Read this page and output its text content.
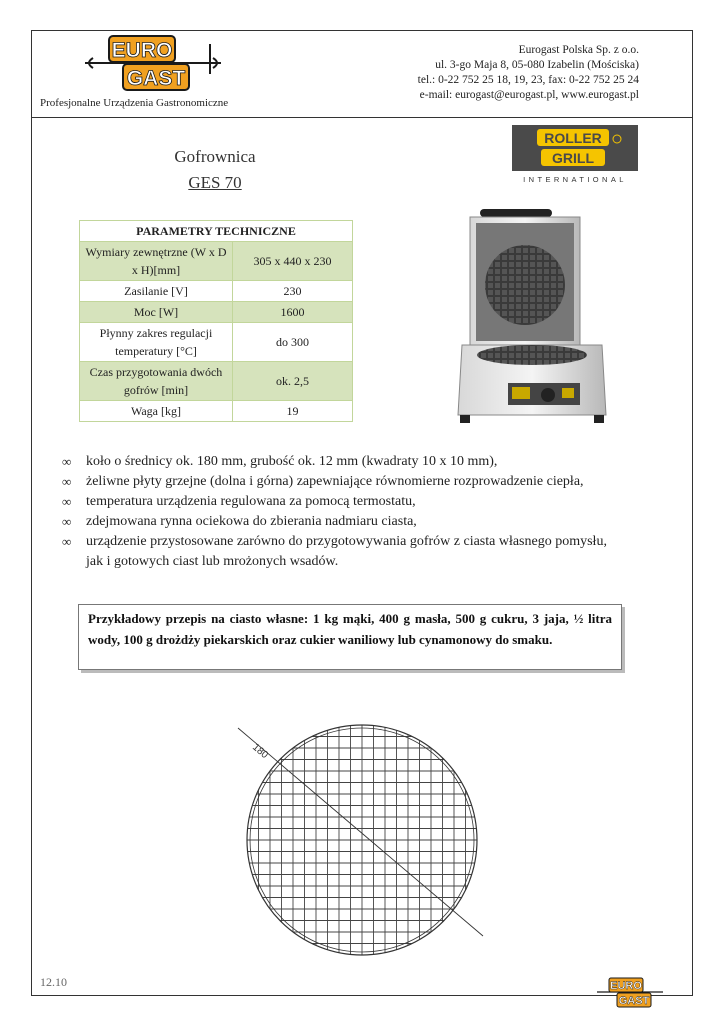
EURO
GAST
Profesjonalne Urządzenia Gastronomiczne
Eurogast Polska Sp. z o.o.
ul. 3-go Maja 8, 05-080 Izabelin (Mościska)
tel.: 0-22 752 25 18, 19, 23, fax: 0-22 752 25 24
e-mail: eurogast@eurogast.pl, www.eurogast.pl
ROLLER
GRILL
INTERNATIONAL
Gofrownica
GES 70
PARAMETRY TECHNICZNE	
Wymiary zewnętrzne (W x D x H)[mm]	305 x 440 x 230
Zasilanie [V]	230
Moc [W]	1600
Płynny zakres regulacji temperatury [°C]	do 300
Czas przygotowania dwóch gofrów [min]	ok. 2,5
Waga [kg]	19
∞ koło o średnicy ok. 180 mm, grubość ok. 12 mm (kwadraty 10 x 10 mm),
∞ żeliwne płyty grzejne (dolna i górna) zapewniające równomierne rozprowadzenie ciepła,
∞ temperatura urządzenia regulowana za pomocą termostatu,
∞ zdejmowana rynna ociekowa do zbierania nadmiaru ciasta,
∞ urządzenie przystosowane zarówno do przygotowywania gofrów z ciasta własnego pomysłu, jak i gotowych ciast lub mrożonych wsadów.
Przykładowy przepis na ciasto własne: 1 kg mąki, 400 g masła, 500 g cukru, 3 jaja, ½ litra wody, 100 g drożdży piekarskich oraz cukier waniliowy lub cynamonowy do smaku.
180
12.10	EURO
GAST
